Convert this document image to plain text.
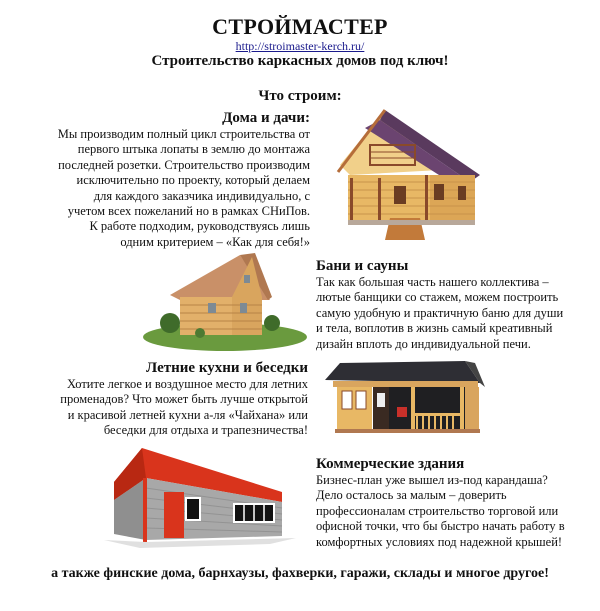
СТРОЙМАСТЕР
http://stroimaster-kerch.ru/
Строительство каркасных домов под ключ!
Что строим:
Дома и дачи:
Мы производим полный цикл строительства от
первого штыка лопаты в землю до монтажа
последней розетки. Строительство производим
исключительно по проекту, который делаем
для каждого заказчика индивидуально, с
учетом всех пожеланий но в рамках СНиПов.
К работе подходим, руководствуясь лишь
одним критерием – «Как для себя!»
Бани и сауны
Так как большая часть нашего коллектива –
лютые банщики со стажем, можем построить
самую удобную и практичную баню для души
и тела, воплотив в жизнь самый креативный
дизайн вплоть до индивидуальной печи.
Летние кухни и беседки
Хотите легкое и воздушное место для летних
променадов? Что может быть лучше открытой
и красивой летней кухни а-ля «Чайхана» или
беседки для отдыха и трапезничества!
Коммерческие здания
Бизнес-план уже вышел из-под карандаша?
Дело осталось за малым – доверить
профессионалам строительство торговой или
офисной точки, что бы быстро начать работу в
комфортных условиях под надежной крышей!
а также финские дома, барнхаузы, фахверки, гаражи, склады и многое другое!
